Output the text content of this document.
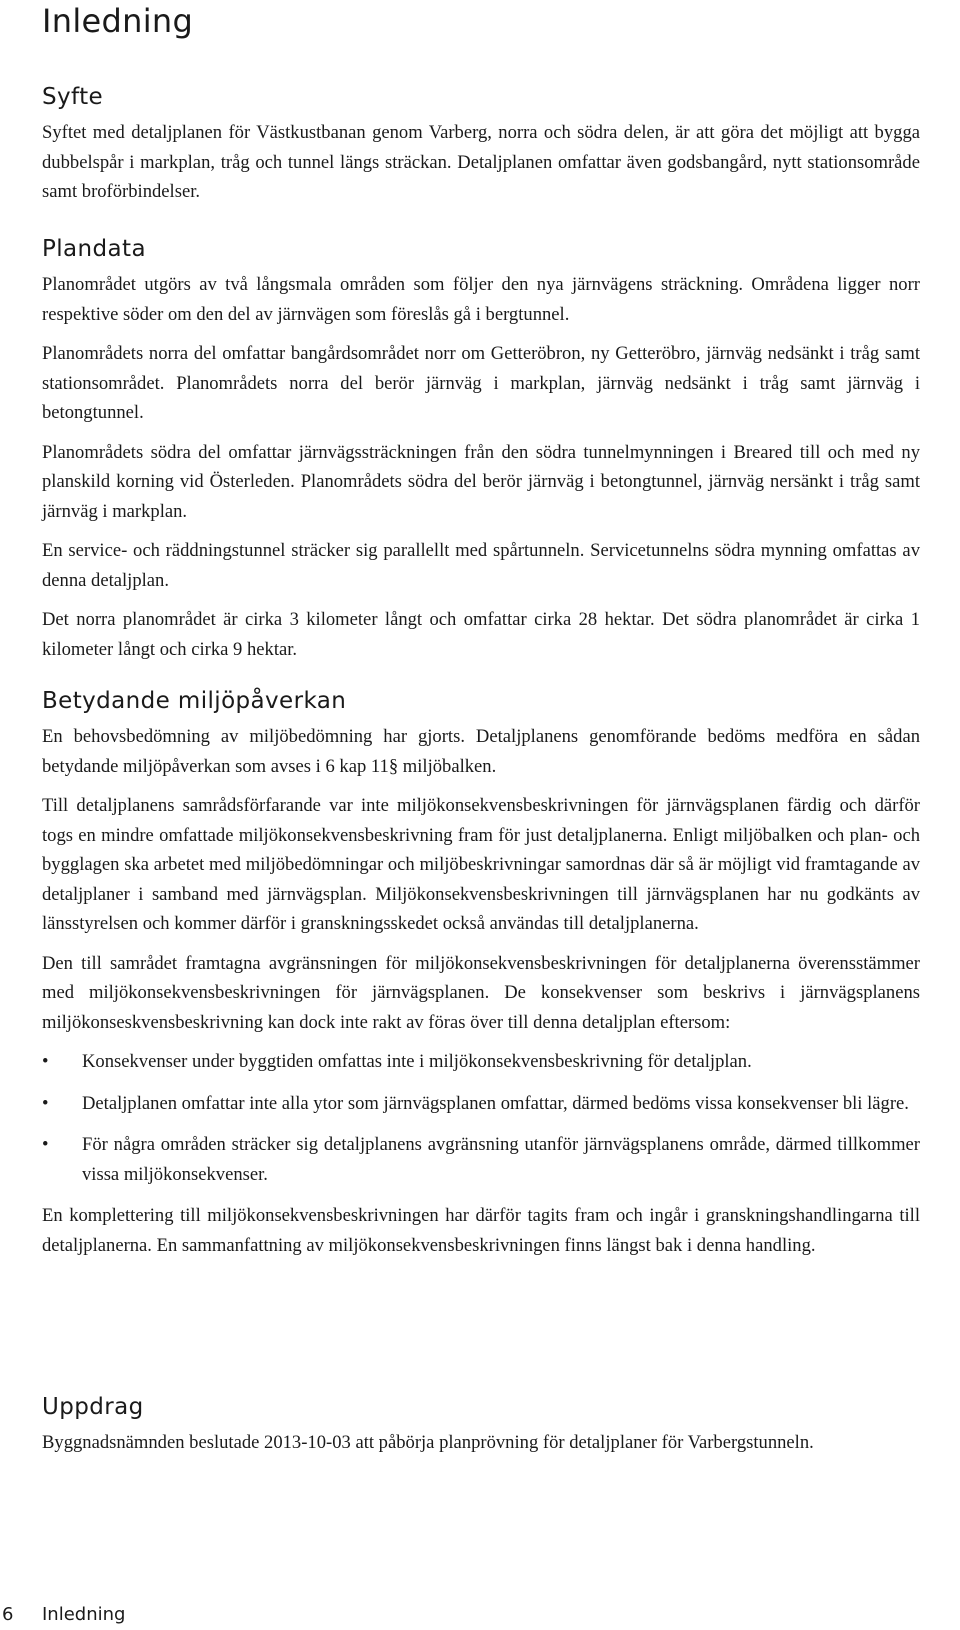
Inledning
Syfte

Syftet med detaljplanen för Västkustbanan genom Varberg, norra och södra delen, är att göra det möjligt att bygga dubbelspår i markplan, tråg och tunnel längs sträckan. Detaljplanen omfattar även godsbangård, nytt stationsområde samt broförbindelser.

Plandata

Planområdet utgörs av två långsmala områden som följer den nya järnvägens sträckning. Områdena ligger norr respektive söder om den del av järnvägen som föreslås gå i bergtunnel.

Planområdets norra del omfattar bangårdsområdet norr om Getteröbron, ny Getteröbro, järnväg nedsänkt i tråg samt stationsområdet. Planområdets norra del berör järnväg i markplan, järnväg nedsänkt i tråg samt järnväg i betongtunnel.

Planområdets södra del omfattar järnvägssträckningen från den södra tunnelmynningen i Breared till och med ny planskild korning vid Österleden. Planområdets södra del berör järnväg i betongtunnel, järnväg nersänkt i tråg samt järnväg i markplan.

En service- och räddningstunnel sträcker sig parallellt med spårtunneln. Servicetunnelns södra mynning omfattas av denna detaljplan.

Det norra planområdet är cirka 3 kilometer långt och omfattar cirka 28 hektar. Det södra planområdet är cirka 1 kilometer långt och cirka 9 hektar.

Betydande miljöpåverkan

En behovsbedömning av miljöbedömning har gjorts. Detaljplanens genomförande bedöms medföra en sådan betydande miljöpåverkan som avses i 6 kap 11§ miljöbalken.

Till detaljplanens samrådsförfarande var inte miljökonsekvensbeskrivningen för järnvägsplanen färdig och därför togs en mindre omfattade miljökonsekvensbeskrivning fram för just detaljplanerna. Enligt miljöbalken och plan- och bygglagen ska arbetet med miljöbedömningar och miljöbeskrivningar samordnas där så är möjligt vid framtagande av detaljplaner i samband med järnvägsplan. Miljökonsekvensbeskrivningen till järnvägsplanen har nu godkänts av länsstyrelsen och kommer därför i granskningsskedet också användas till detaljplanerna.

Den till samrådet framtagna avgränsningen för miljökonsekvensbeskrivningen för detaljplanerna överensstämmer med miljökonsekvensbeskrivningen för järnvägsplanen. De konsekvenser som beskrivs i järnvägsplanens miljökonseskvensbeskrivning kan dock inte rakt av föras över till denna detaljplan eftersom:

• Konsekvenser under byggtiden omfattas inte i miljökonsekvensbeskrivning för detaljplan.
• Detaljplanen omfattar inte alla ytor som järnvägsplanen omfattar, därmed bedöms vissa konsekvenser bli lägre.
• För några områden sträcker sig detaljplanens avgränsning utanför järnvägsplanens område, därmed tillkommer vissa miljökonsekvenser.

En komplettering till miljökonsekvensbeskrivningen har därför tagits fram och ingår i granskningshandlingarna till detaljplanerna. En sammanfattning av miljökonsekvensbeskrivningen finns längst bak i denna handling.

Uppdrag

Byggnadsnämnden beslutade 2013-10-03 att påbörja planprövning för detaljplaner för Varbergstunneln.

6 Inledning
